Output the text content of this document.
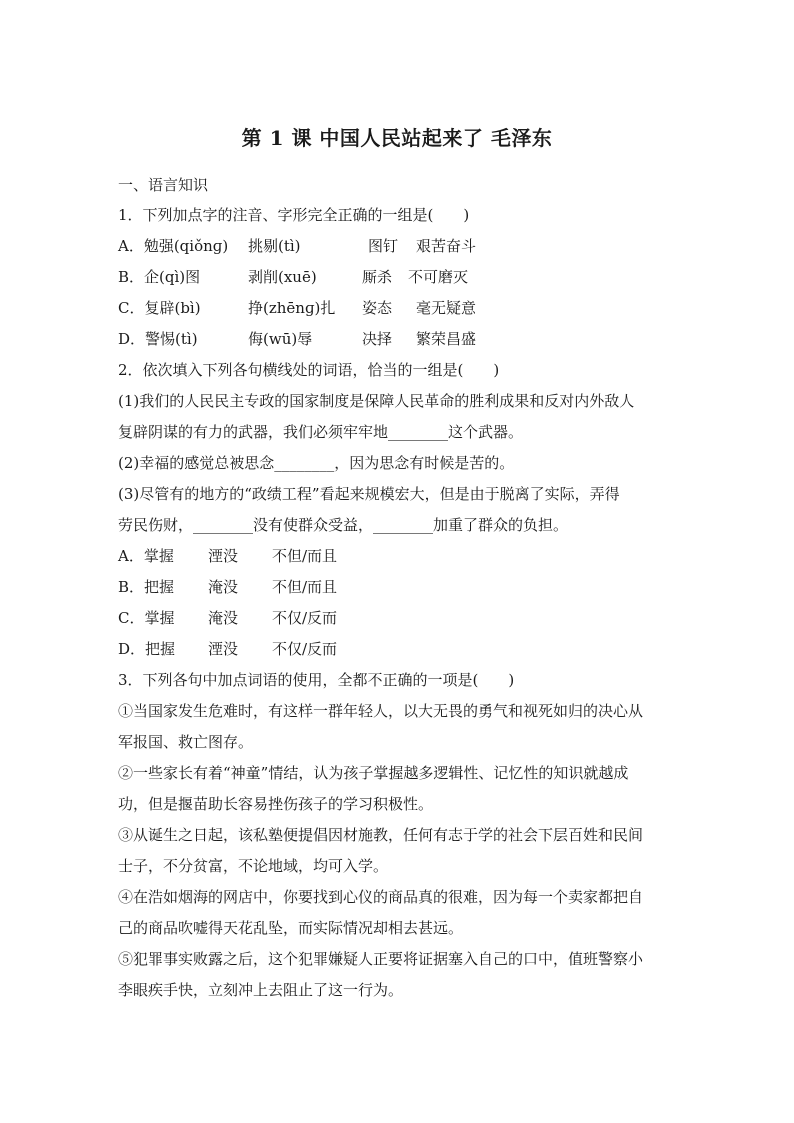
第 1 课 中国人民站起来了 毛泽东
一、语言知识
1．下列加点字的注音、字形完全正确的一组是(　　)
A．勉强(qiǒnɡ) 挑剔(tì)	图钉 艰苦奋斗
B．企(qì)图	剥削(xuē)	厮杀 不可磨灭
C．复辟(bì)	挣(zhēnɡ)扎 姿态 毫无疑意
D．警惕(tì)	侮(wū)辱	决择 繁荣昌盛
2．依次填入下列各句横线处的词语，恰当的一组是(　　)
(1)我们的人民民主专政的国家制度是保障人民革命的胜利成果和反对内外敌人
复辟阴谋的有力的武器，我们必须牢牢地________这个武器。
(2)幸福的感觉总被思念________，因为思念有时候是苦的。
(3)尽管有的地方的“政绩工程”看起来规模宏大，但是由于脱离了实际，弄得
劳民伤财，________没有使群众受益，________加重了群众的负担。
A．掌握 湮没 不但/而且
B．把握 淹没 不但/而且
C．掌握 淹没 不仅/反而
D．把握 湮没 不仅/反而
3．下列各句中加点词语的使用，全都不正确的一项是(　　)
①当国家发生危难时，有这样一群年轻人，以大无畏的勇气和视死如归的决心从
军报国、救亡图存。
②一些家长有着“神童”情结，认为孩子掌握越多逻辑性、记忆性的知识就越成
功，但是揠苗助长容易挫伤孩子的学习积极性。
③从诞生之日起，该私塾便提倡因材施教，任何有志于学的社会下层百姓和民间
士子，不分贫富，不论地域，均可入学。
④在浩如烟海的网店中，你要找到心仪的商品真的很难，因为每一个卖家都把自
己的商品吹嘘得天花乱坠，而实际情况却相去甚远。
⑤犯罪事实败露之后，这个犯罪嫌疑人正要将证据塞入自己的口中，值班警察小
李眼疾手快，立刻冲上去阻止了这一行为。
